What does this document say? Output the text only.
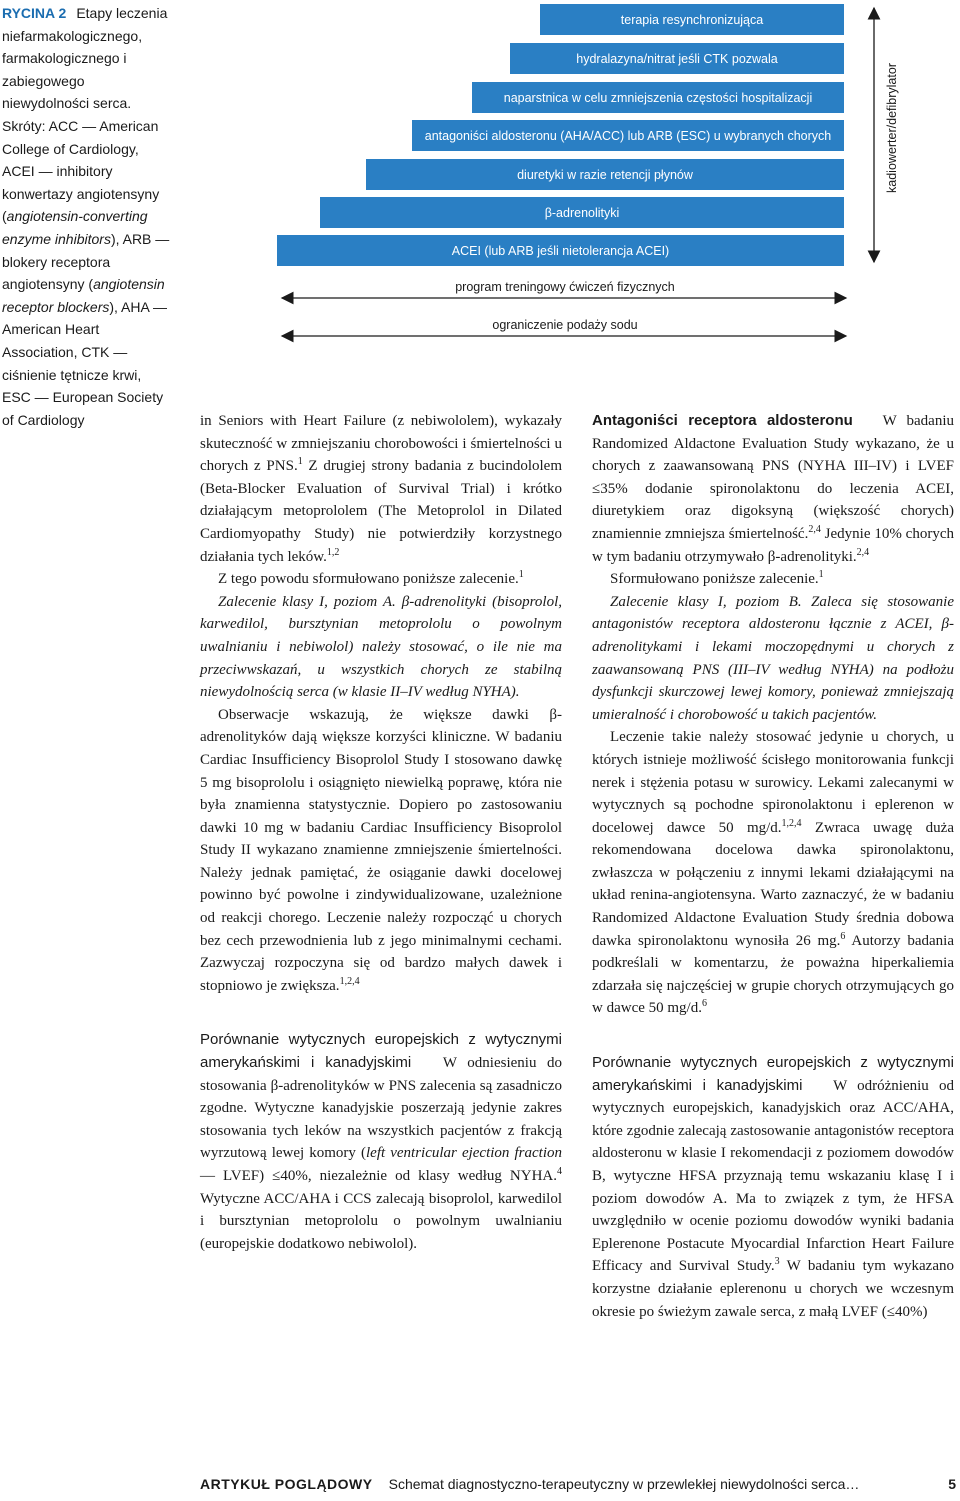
RYCINA 2 Etapy leczenia niefarmakologicznego, farmakologicznego i zabiegowego niewydolności serca. Skróty: ACC — American College of Cardiology, ACEI — inhibitory konwertazy angiotensyny (angiotensin-converting enzyme inhibitors), ARB — blokery receptora angiotensyny (angiotensin receptor blockers), AHA — American Heart Association, CTK — ciśnienie tętnicze krwi, ESC — European Society of Cardiology
terapia resynchronizująca
hydralazyna/nitrat jeśli CTK pozwala
naparstnica w celu zmniejszenia częstości hospitalizacji
antagoniści aldosteronu (AHA/ACC) lub ARB (ESC) u wybranych chorych
diuretyki w razie retencji płynów
β-adrenolityki
ACEI (lub ARB jeśli nietolerancja ACEI)
program treningowy ćwiczeń fizycznych
ograniczenie podaży sodu
kadiowerter/defibrylator

in Seniors with Heart Failure (z nebiwololem), wykazały skuteczność w zmniejszaniu chorobowości i śmiertelności u chorych z PNS.$^1$ Z drugiej strony badania z bucindololem (Beta-Blocker Evaluation of Survival Trial) i krótko działającym metoprololem (The Metoprolol in Dilated Cardiomyopathy Study) nie potwierdziły korzystnego działania tych leków.$^{1,2}$

Z tego powodu sformułowano poniższe zalecenie.$^1$

Zalecenie klasy I, poziom A. β-adrenolityki (bisoprolol, karwedilol, bursztynian metoprololu o powolnym uwalnianiu i nebiwolol) należy stosować, o ile nie ma przeciwwskazań, u wszystkich chorych ze stabilną niewydolnością serca (w klasie II–IV według NYHA).

Obserwacje wskazują, że większe dawki β-adrenolityków dają większe korzyści kliniczne. W badaniu Cardiac Insufficiency Bisoprolol Study I stosowano dawkę 5 mg bisoprololu i osiągnięto niewielką poprawę, która nie była znamienna statystycznie. Dopiero po zastosowaniu dawki 10 mg w badaniu Cardiac Insufficiency Bisoprolol Study II wykazano znamienne zmniejszenie śmiertelności. Należy jednak pamiętać, że osiąganie dawki docelowej powinno być powolne i zindywidualizowane, uzależnione od reakcji chorego. Leczenie należy rozpocząć u chorych bez cech przewodnienia lub z jego minimalnymi cechami. Zazwyczaj rozpoczyna się od bardzo małych dawek i stopniowo je zwiększa.$^{1,2,4}$

Porównanie wytycznych europejskich z wytycznymi amerykańskimi i kanadyjskimi W odniesieniu do stosowania β-adrenolityków w PNS zalecenia są zasadniczo zgodne. Wytyczne kanadyjskie poszerzają jedynie zakres stosowania tych leków na wszystkich pacjentów z frakcją wyrzutową lewej komory (left ventricular ejection fraction — LVEF) ≤40%, niezależnie od klasy według NYHA.$^4$ Wytyczne ACC/AHA i CCS zalecają bisoprolol, karwedilol i bursztynian metoprololu o powolnym uwalnianiu (europejskie dodatkowo nebiwolol).

Antagoniści receptora aldosteronu W badaniu Randomized Aldactone Evaluation Study wykazano, że u chorych z zaawansowaną PNS (NYHA III–IV) i LVEF ≤35% dodanie spironolaktonu do leczenia ACEI, diuretykiem oraz digoksyną (większość chorych) znamiennie zmniejsza śmiertelność.$^{2,4}$ Jedynie 10% chorych w tym badaniu otrzymywało β-adrenolityki.$^{2,4}$

Sformułowano poniższe zalecenie.$^1$

Zalecenie klasy I, poziom B. Zaleca się stosowanie antagonistów receptora aldosteronu łącznie z ACEI, β-adrenolitykami i lekami moczopędnymi u chorych z zaawansowaną PNS (III–IV według NYHA) na podłożu dysfunkcji skurczowej lewej komory, ponieważ zmniejszają umieralność i chorobowość u takich pacjentów.

Leczenie takie należy stosować jedynie u chorych, u których istnieje możliwość ścisłego monitorowania funkcji nerek i stężenia potasu w surowicy. Lekami zalecanymi w wytycznych są pochodne spironolaktonu i eplerenon w docelowej dawce 50 mg/d.$^{1,2,4}$ Zwraca uwagę duża rekomendowana docelowa dawka spironolaktonu, zwłaszcza w połączeniu z innymi lekami działającymi na układ renina-angiotensyna. Warto zaznaczyć, że w badaniu Randomized Aldactone Evaluation Study średnia dobowa dawka spironolaktonu wynosiła 26 mg.$^6$ Autorzy badania podkreślali w komentarzu, że poważna hiperkaliemia zdarzała się najczęściej w grupie chorych otrzymujących go w dawce 50 mg/d.$^6$

Porównanie wytycznych europejskich z wytycznymi amerykańskimi i kanadyjskimi W odróżnieniu od wytycznych europejskich, kanadyjskich oraz ACC/AHA, które zgodnie zalecają zastosowanie antagonistów receptora aldosteronu w klasie I rekomendacji z poziomem dowodów B, wytyczne HFSA przyznają temu wskazaniu klasę I i poziom dowodów A. Ma to związek z tym, że HFSA uwzględniło w ocenie poziomu dowodów wyniki badania Eplerenone Postacute Myocardial Infarction Heart Failure Efficacy and Survival Study.$^3$ W badaniu tym wykazano korzystne działanie eplerenonu u chorych we wczesnym okresie po świeżym zawale serca, z małą LVEF (≤40%)

ARTYKUŁ POGLĄDOWY Schemat diagnostyczno-terapeutyczny w przewlekłej niewydolności serca…	5
